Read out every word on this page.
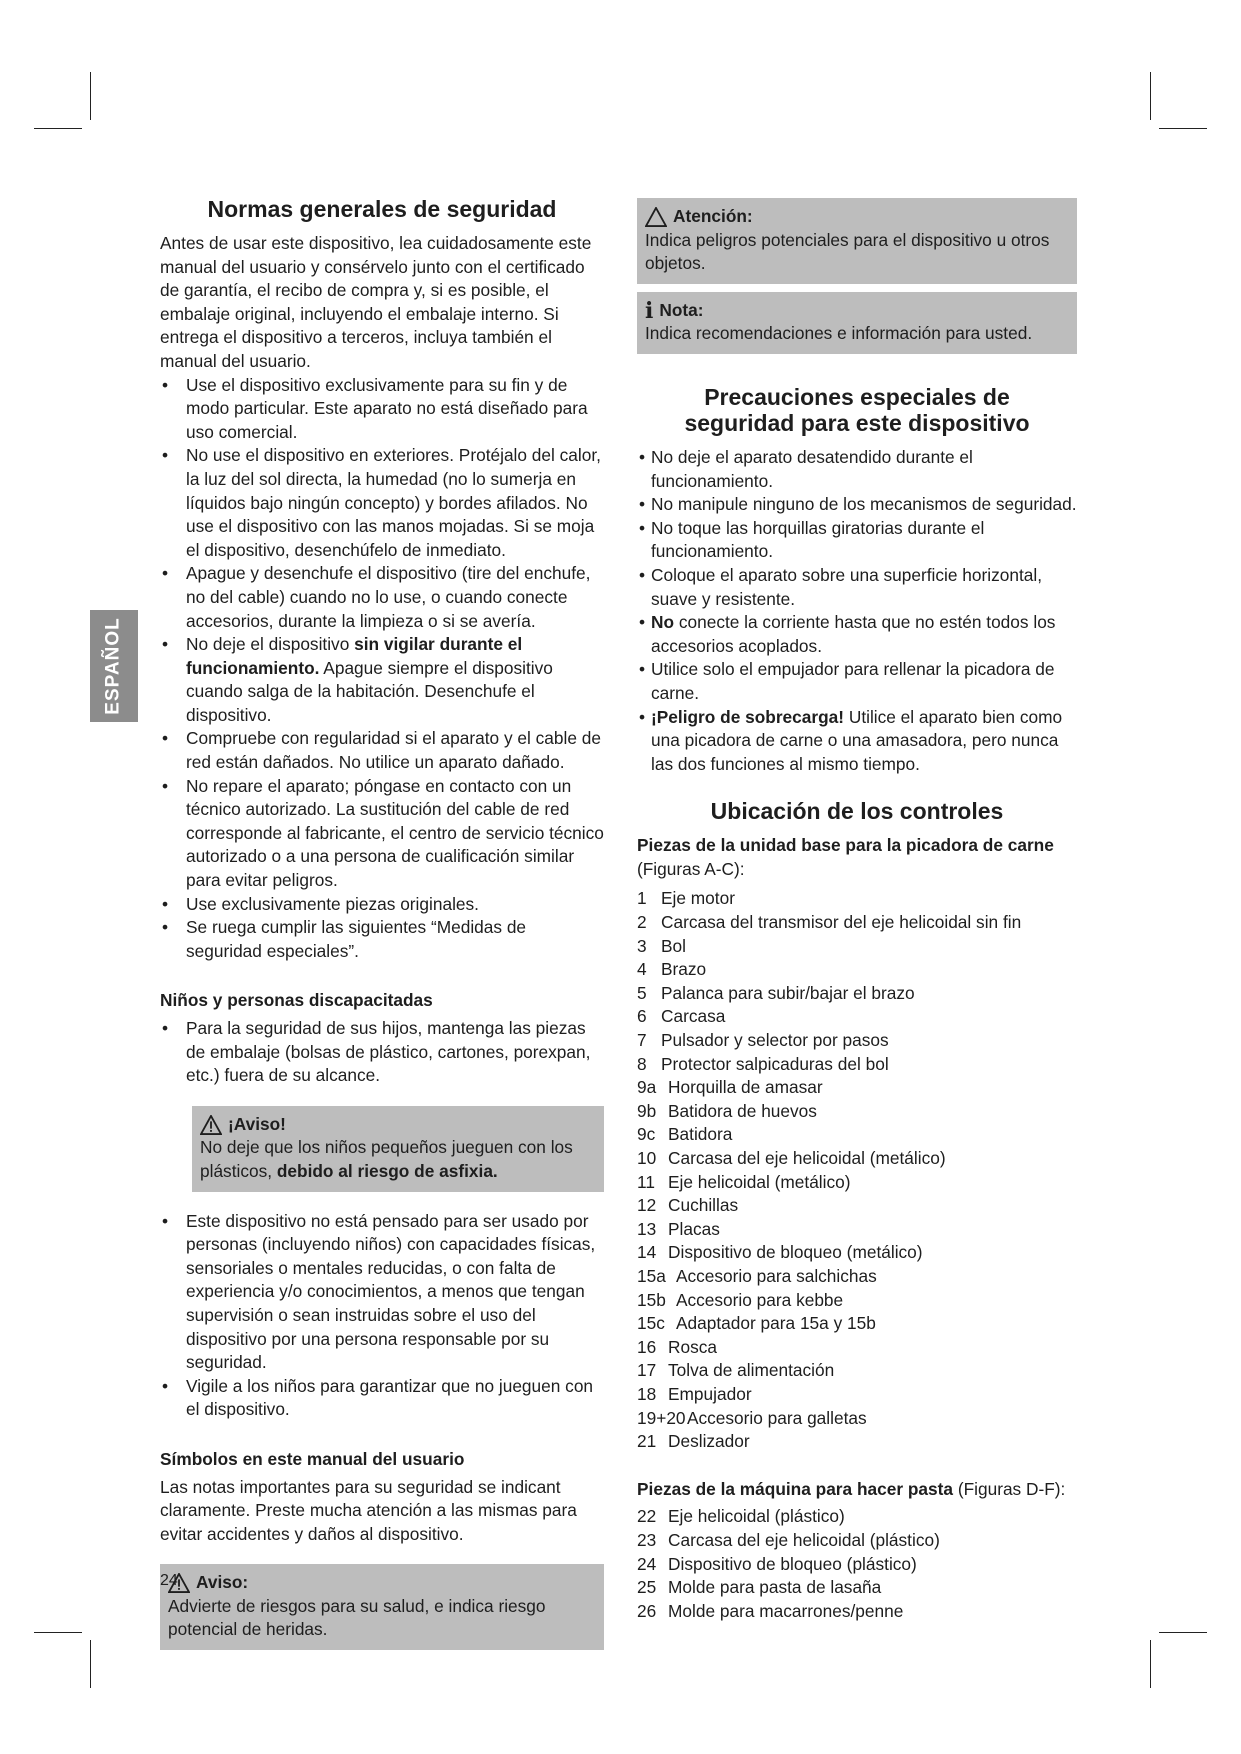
ESPAÑOL
Normas generales de seguridad

Antes de usar este dispositivo, lea cuidadosamente este manual del usuario y consérvelo junto con el certificado de garantía, el recibo de compra y, si es posible, el embalaje original, incluyendo el embalaje interno. Si entrega el dispositivo a terceros, incluya también el manual del usuario.

• Use el dispositivo exclusivamente para su fin y de modo particular. Este aparato no está diseñado para uso comercial.
• No use el dispositivo en exteriores. Protéjalo del calor, la luz del sol directa, la humedad (no lo sumerja en líquidos bajo ningún concepto) y bordes afilados. No use el dispositivo con las manos mojadas. Si se moja el dispositivo, desenchúfelo de inmediato.
• Apague y desenchufe el dispositivo (tire del enchufe, no del cable) cuando no lo use, o cuando conecte accesorios, durante la limpieza o si se avería.
• No deje el dispositivo sin vigilar durante el funcionamiento. Apague siempre el dispositivo cuando salga de la habitación. Desenchufe el dispositivo.
• Compruebe con regularidad si el aparato y el cable de red están dañados. No utilice un aparato dañado.
• No repare el aparato; póngase en contacto con un técnico autorizado. La sustitución del cable de red corresponde al fabricante, el centro de servicio técnico autorizado o a una persona de cualificación similar para evitar peligros.
• Use exclusivamente piezas originales.
• Se ruega cumplir las siguientes “Medidas de seguridad especiales”.
Niños y personas discapacitadas
• Para la seguridad de sus hijos, mantenga las piezas de embalaje (bolsas de plástico, cartones, porexpan, etc.) fuera de su alcance.
¡Aviso!
No deje que los niños pequeños jueguen con los plásticos, debido al riesgo de asfixia.
• Este dispositivo no está pensado para ser usado por personas (incluyendo niños) con capacidades físicas, sensoriales o mentales reducidas, o con falta de experiencia y/o conocimientos, a menos que tengan supervisión o sean instruidas sobre el uso del dispositivo por una persona responsable por su seguridad.
• Vigile a los niños para garantizar que no jueguen con el dispositivo.
Símbolos en este manual del usuario

Las notas importantes para su seguridad se indicant claramente. Preste mucha atención a las mismas para evitar accidentes y daños al dispositivo.

Aviso:
Advierte de riesgos para su salud, e indica riesgo potencial de heridas.
Atención:
Indica peligros potenciales para el dispositivo u otros objetos.
i Nota:
Indica recomendaciones e información para usted.
Precauciones especiales de seguridad para este dispositivo
• No deje el aparato desatendido durante el funcionamiento.
• No manipule ninguno de los mecanismos de seguridad.
• No toque las horquillas giratorias durante el funcionamiento.
• Coloque el aparato sobre una superficie horizontal, suave y resistente.
• No conecte la corriente hasta que no estén todos los accesorios acoplados.
• Utilice solo el empujador para rellenar la picadora de carne.
• ¡Peligro de sobrecarga! Utilice el aparato bien como una picadora de carne o una amasadora, pero nunca las dos funciones al mismo tiempo.
Ubicación de los controles
Piezas de la unidad base para la picadora de carne

(Figuras A-C):

1 Eje motor
2 Carcasa del transmisor del eje helicoidal sin fin
3 Bol
4 Brazo
5 Palanca para subir/bajar el brazo
6 Carcasa
7 Pulsador y selector por pasos
8 Protector salpicaduras del bol
9a Horquilla de amasar
9b Batidora de huevos
9c Batidora
10 Carcasa del eje helicoidal (metálico)
11 Eje helicoidal (metálico)
12 Cuchillas
13 Placas
14 Dispositivo de bloqueo (metálico)
15a Accesorio para salchichas
15b Accesorio para kebbe
15c Adaptador para 15a y 15b
16 Rosca
17 Tolva de alimentación
18 Empujador
19+20 Accesorio para galletas
21 Deslizador

Piezas de la máquina para hacer pasta (Figuras D-F):

22 Eje helicoidal (plástico)
23 Carcasa del eje helicoidal (plástico)
24 Dispositivo de bloqueo (plástico)
25 Molde para pasta de lasaña
26 Molde para macarrones/penne
24
